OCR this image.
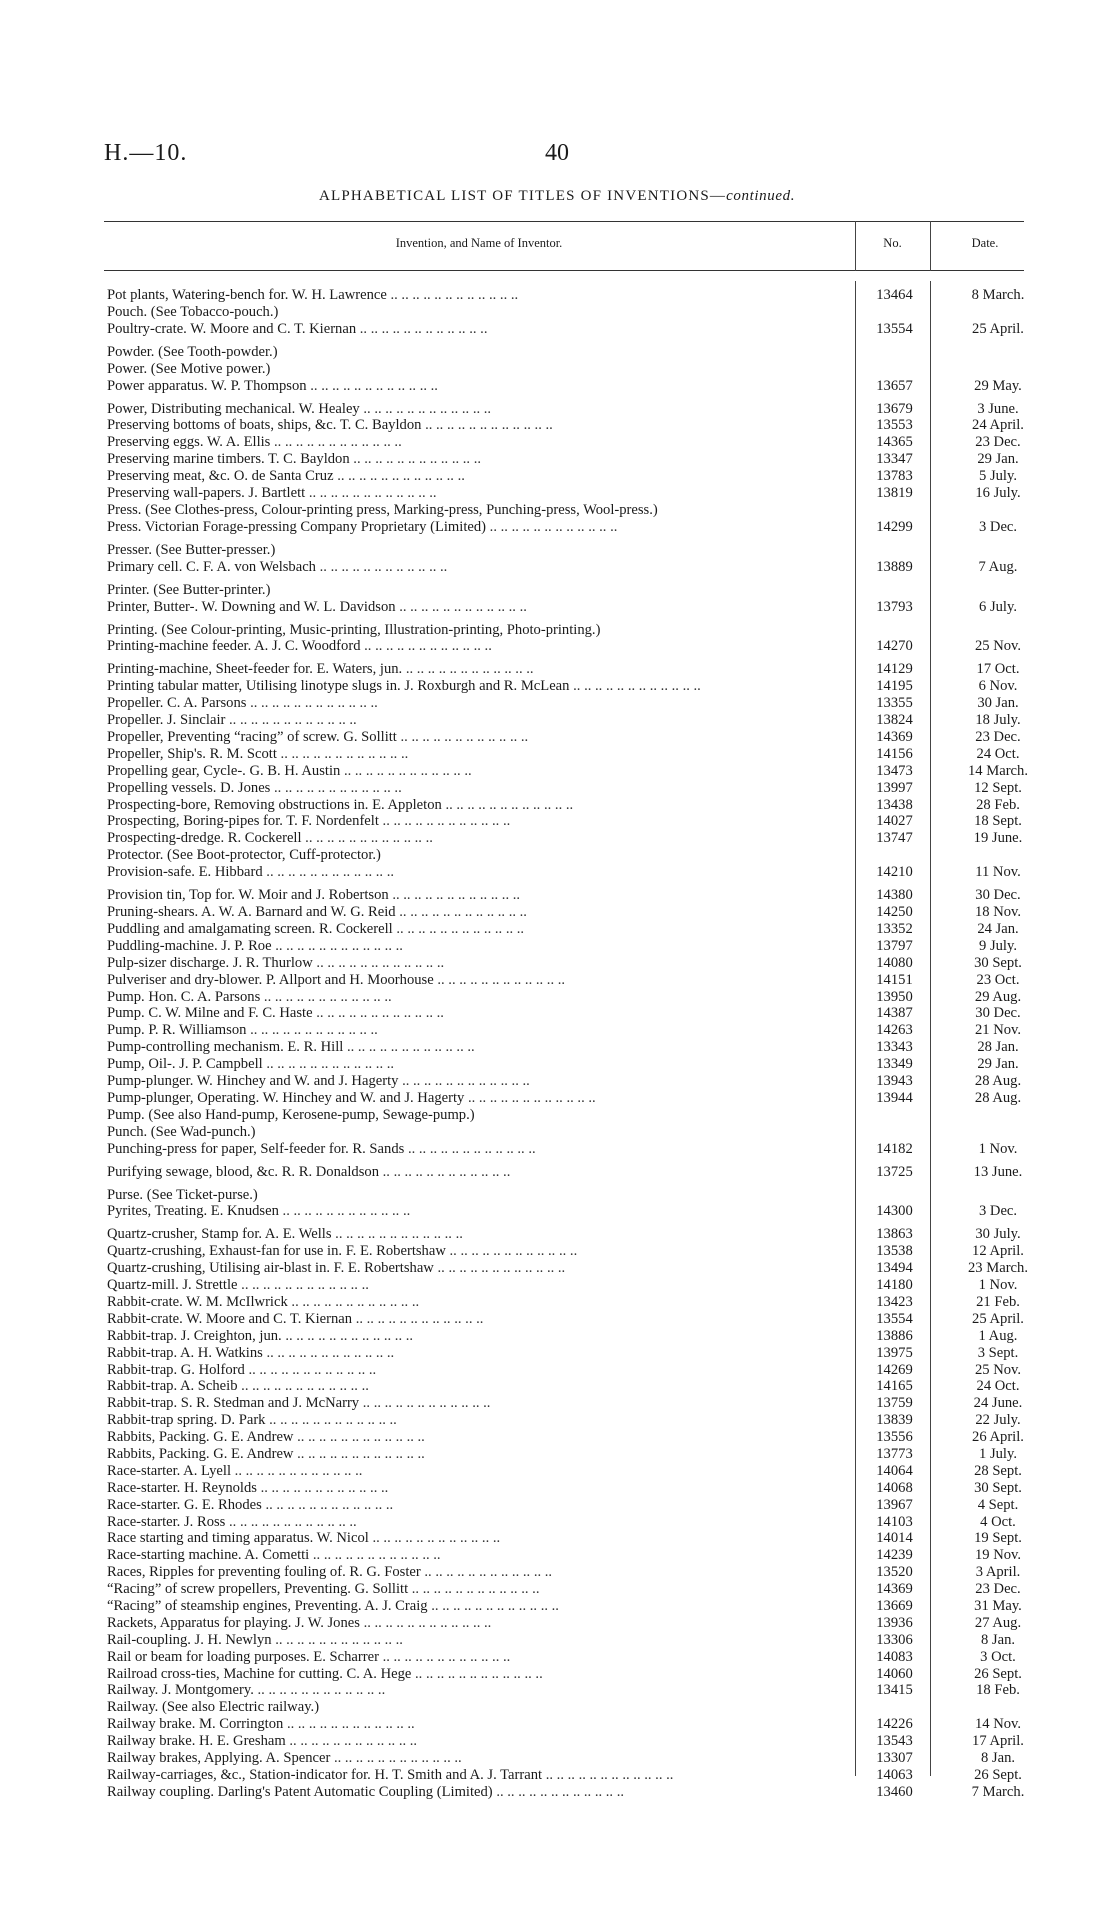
H.—10.	40
ALPHABETICAL LIST OF TITLES OF INVENTIONS—continued.
Invention, and Name of Inventor.	No.	Date.
Pot plants, Watering-bench for. W. H. Lawrence .. .. .. .. .. .. .. .. .. .. .. ..	13464	8 March.
Pouch. (See Tobacco-pouch.)
Poultry-crate. W. Moore and C. T. Kiernan .. .. .. .. .. .. .. .. .. .. .. ..	13554	25 April.
Powder. (See Tooth-powder.)
Power. (See Motive power.)
Power apparatus. W. P. Thompson .. .. .. .. .. .. .. .. .. .. .. ..	13657	29 May.
Power, Distributing mechanical. W. Healey .. .. .. .. .. .. .. .. .. .. .. ..	13679	3 June.
Preserving bottoms of boats, ships, &c. T. C. Bayldon .. .. .. .. .. .. .. .. .. .. .. ..	13553	24 April.
Preserving eggs. W. A. Ellis .. .. .. .. .. .. .. .. .. .. .. ..	14365	23 Dec.
Preserving marine timbers. T. C. Bayldon .. .. .. .. .. .. .. .. .. .. .. ..	13347	29 Jan.
Preserving meat, &c. O. de Santa Cruz .. .. .. .. .. .. .. .. .. .. .. ..	13783	5 July.
Preserving wall-papers. J. Bartlett .. .. .. .. .. .. .. .. .. .. .. ..	13819	16 July.
Press. (See Clothes-press, Colour-printing press, Marking-press, Punching-press, Wool-press.)
Press. Victorian Forage-pressing Company Proprietary (Limited) .. .. .. .. .. .. .. .. .. .. .. ..	14299	3 Dec.
Presser. (See Butter-presser.)
Primary cell. C. F. A. von Welsbach .. .. .. .. .. .. .. .. .. .. .. ..	13889	7 Aug.
Printer. (See Butter-printer.)
Printer, Butter-. W. Downing and W. L. Davidson .. .. .. .. .. .. .. .. .. .. .. ..	13793	6 July.
Printing. (See Colour-printing, Music-printing, Illustration-printing, Photo-printing.)
Printing-machine feeder. A. J. C. Woodford .. .. .. .. .. .. .. .. .. .. .. ..	14270	25 Nov.
Printing-machine, Sheet-feeder for. E. Waters, jun. .. .. .. .. .. .. .. .. .. .. .. ..	14129	17 Oct.
Printing tabular matter, Utilising linotype slugs in. J. Roxburgh and R. McLean .. .. .. .. .. .. .. .. .. .. .. ..	14195	6 Nov.
Propeller. C. A. Parsons .. .. .. .. .. .. .. .. .. .. .. ..	13355	30 Jan.
Propeller. J. Sinclair .. .. .. .. .. .. .. .. .. .. .. ..	13824	18 July.
Propeller, Preventing “racing” of screw. G. Sollitt .. .. .. .. .. .. .. .. .. .. .. ..	14369	23 Dec.
Propeller, Ship's. R. M. Scott .. .. .. .. .. .. .. .. .. .. .. ..	14156	24 Oct.
Propelling gear, Cycle-. G. B. H. Austin .. .. .. .. .. .. .. .. .. .. .. ..	13473	14 March.
Propelling vessels. D. Jones .. .. .. .. .. .. .. .. .. .. .. ..	13997	12 Sept.
Prospecting-bore, Removing obstructions in. E. Appleton .. .. .. .. .. .. .. .. .. .. .. ..	13438	28 Feb.
Prospecting, Boring-pipes for. T. F. Nordenfelt .. .. .. .. .. .. .. .. .. .. .. ..	14027	18 Sept.
Prospecting-dredge. R. Cockerell .. .. .. .. .. .. .. .. .. .. .. ..	13747	19 June.
Protector. (See Boot-protector, Cuff-protector.)
Provision-safe. E. Hibbard .. .. .. .. .. .. .. .. .. .. .. ..	14210	11 Nov.
Provision tin, Top for. W. Moir and J. Robertson .. .. .. .. .. .. .. .. .. .. .. ..	14380	30 Dec.
Pruning-shears. A. W. A. Barnard and W. G. Reid .. .. .. .. .. .. .. .. .. .. .. ..	14250	18 Nov.
Puddling and amalgamating screen. R. Cockerell .. .. .. .. .. .. .. .. .. .. .. ..	13352	24 Jan.
Puddling-machine. J. P. Roe .. .. .. .. .. .. .. .. .. .. .. ..	13797	9 July.
Pulp-sizer discharge. J. R. Thurlow .. .. .. .. .. .. .. .. .. .. .. ..	14080	30 Sept.
Pulveriser and dry-blower. P. Allport and H. Moorhouse .. .. .. .. .. .. .. .. .. .. .. ..	14151	23 Oct.
Pump. Hon. C. A. Parsons .. .. .. .. .. .. .. .. .. .. .. ..	13950	29 Aug.
Pump. C. W. Milne and F. C. Haste .. .. .. .. .. .. .. .. .. .. .. ..	14387	30 Dec.
Pump. P. R. Williamson .. .. .. .. .. .. .. .. .. .. .. ..	14263	21 Nov.
Pump-controlling mechanism. E. R. Hill .. .. .. .. .. .. .. .. .. .. .. ..	13343	28 Jan.
Pump, Oil-. J. P. Campbell .. .. .. .. .. .. .. .. .. .. .. ..	13349	29 Jan.
Pump-plunger. W. Hinchey and W. and J. Hagerty .. .. .. .. .. .. .. .. .. .. .. ..	13943	28 Aug.
Pump-plunger, Operating. W. Hinchey and W. and J. Hagerty .. .. .. .. .. .. .. .. .. .. .. ..	13944	28 Aug.
Pump. (See also Hand-pump, Kerosene-pump, Sewage-pump.)
Punch. (See Wad-punch.)
Punching-press for paper, Self-feeder for. R. Sands .. .. .. .. .. .. .. .. .. .. .. ..	14182	1 Nov.
Purifying sewage, blood, &c. R. R. Donaldson .. .. .. .. .. .. .. .. .. .. .. ..	13725	13 June.
Purse. (See Ticket-purse.)
Pyrites, Treating. E. Knudsen .. .. .. .. .. .. .. .. .. .. .. ..	14300	3 Dec.
Quartz-crusher, Stamp for. A. E. Wells .. .. .. .. .. .. .. .. .. .. .. ..	13863	30 July.
Quartz-crushing, Exhaust-fan for use in. F. E. Robertshaw .. .. .. .. .. .. .. .. .. .. .. ..	13538	12 April.
Quartz-crushing, Utilising air-blast in. F. E. Robertshaw .. .. .. .. .. .. .. .. .. .. .. ..	13494	23 March.
Quartz-mill. J. Strettle .. .. .. .. .. .. .. .. .. .. .. ..	14180	1 Nov.
Rabbit-crate. W. M. McIlwrick .. .. .. .. .. .. .. .. .. .. .. ..	13423	21 Feb.
Rabbit-crate. W. Moore and C. T. Kiernan .. .. .. .. .. .. .. .. .. .. .. ..	13554	25 April.
Rabbit-trap. J. Creighton, jun. .. .. .. .. .. .. .. .. .. .. .. ..	13886	1 Aug.
Rabbit-trap. A. H. Watkins .. .. .. .. .. .. .. .. .. .. .. ..	13975	3 Sept.
Rabbit-trap. G. Holford .. .. .. .. .. .. .. .. .. .. .. ..	14269	25 Nov.
Rabbit-trap. A. Scheib .. .. .. .. .. .. .. .. .. .. .. ..	14165	24 Oct.
Rabbit-trap. S. R. Stedman and J. McNarry .. .. .. .. .. .. .. .. .. .. .. ..	13759	24 June.
Rabbit-trap spring. D. Park .. .. .. .. .. .. .. .. .. .. .. ..	13839	22 July.
Rabbits, Packing. G. E. Andrew .. .. .. .. .. .. .. .. .. .. .. ..	13556	26 April.
Rabbits, Packing. G. E. Andrew .. .. .. .. .. .. .. .. .. .. .. ..	13773	1 July.
Race-starter. A. Lyell .. .. .. .. .. .. .. .. .. .. .. ..	14064	28 Sept.
Race-starter. H. Reynolds .. .. .. .. .. .. .. .. .. .. .. ..	14068	30 Sept.
Race-starter. G. E. Rhodes .. .. .. .. .. .. .. .. .. .. .. ..	13967	4 Sept.
Race-starter. J. Ross .. .. .. .. .. .. .. .. .. .. .. ..	14103	4 Oct.
Race starting and timing apparatus. W. Nicol .. .. .. .. .. .. .. .. .. .. .. ..	14014	19 Sept.
Race-starting machine. A. Cometti .. .. .. .. .. .. .. .. .. .. .. ..	14239	19 Nov.
Races, Ripples for preventing fouling of. R. G. Foster .. .. .. .. .. .. .. .. .. .. .. ..	13520	3 April.
“Racing” of screw propellers, Preventing. G. Sollitt .. .. .. .. .. .. .. .. .. .. .. ..	14369	23 Dec.
“Racing” of steamship engines, Preventing. A. J. Craig .. .. .. .. .. .. .. .. .. .. .. ..	13669	31 May.
Rackets, Apparatus for playing. J. W. Jones .. .. .. .. .. .. .. .. .. .. .. ..	13936	27 Aug.
Rail-coupling. J. H. Newlyn .. .. .. .. .. .. .. .. .. .. .. ..	13306	8 Jan.
Rail or beam for loading purposes. E. Scharrer .. .. .. .. .. .. .. .. .. .. .. ..	14083	3 Oct.
Railroad cross-ties, Machine for cutting. C. A. Hege .. .. .. .. .. .. .. .. .. .. .. ..	14060	26 Sept.
Railway. J. Montgomery. .. .. .. .. .. .. .. .. .. .. .. ..	13415	18 Feb.
Railway. (See also Electric railway.)
Railway brake. M. Corrington .. .. .. .. .. .. .. .. .. .. .. ..	14226	14 Nov.
Railway brake. H. E. Gresham .. .. .. .. .. .. .. .. .. .. .. ..	13543	17 April.
Railway brakes, Applying. A. Spencer .. .. .. .. .. .. .. .. .. .. .. ..	13307	8 Jan.
Railway-carriages, &c., Station-indicator for. H. T. Smith and A. J. Tarrant .. .. .. .. .. .. .. .. .. .. .. ..	14063	26 Sept.
Railway coupling. Darling's Patent Automatic Coupling (Limited) .. .. .. .. .. .. .. .. .. .. .. ..	13460	7 March.
